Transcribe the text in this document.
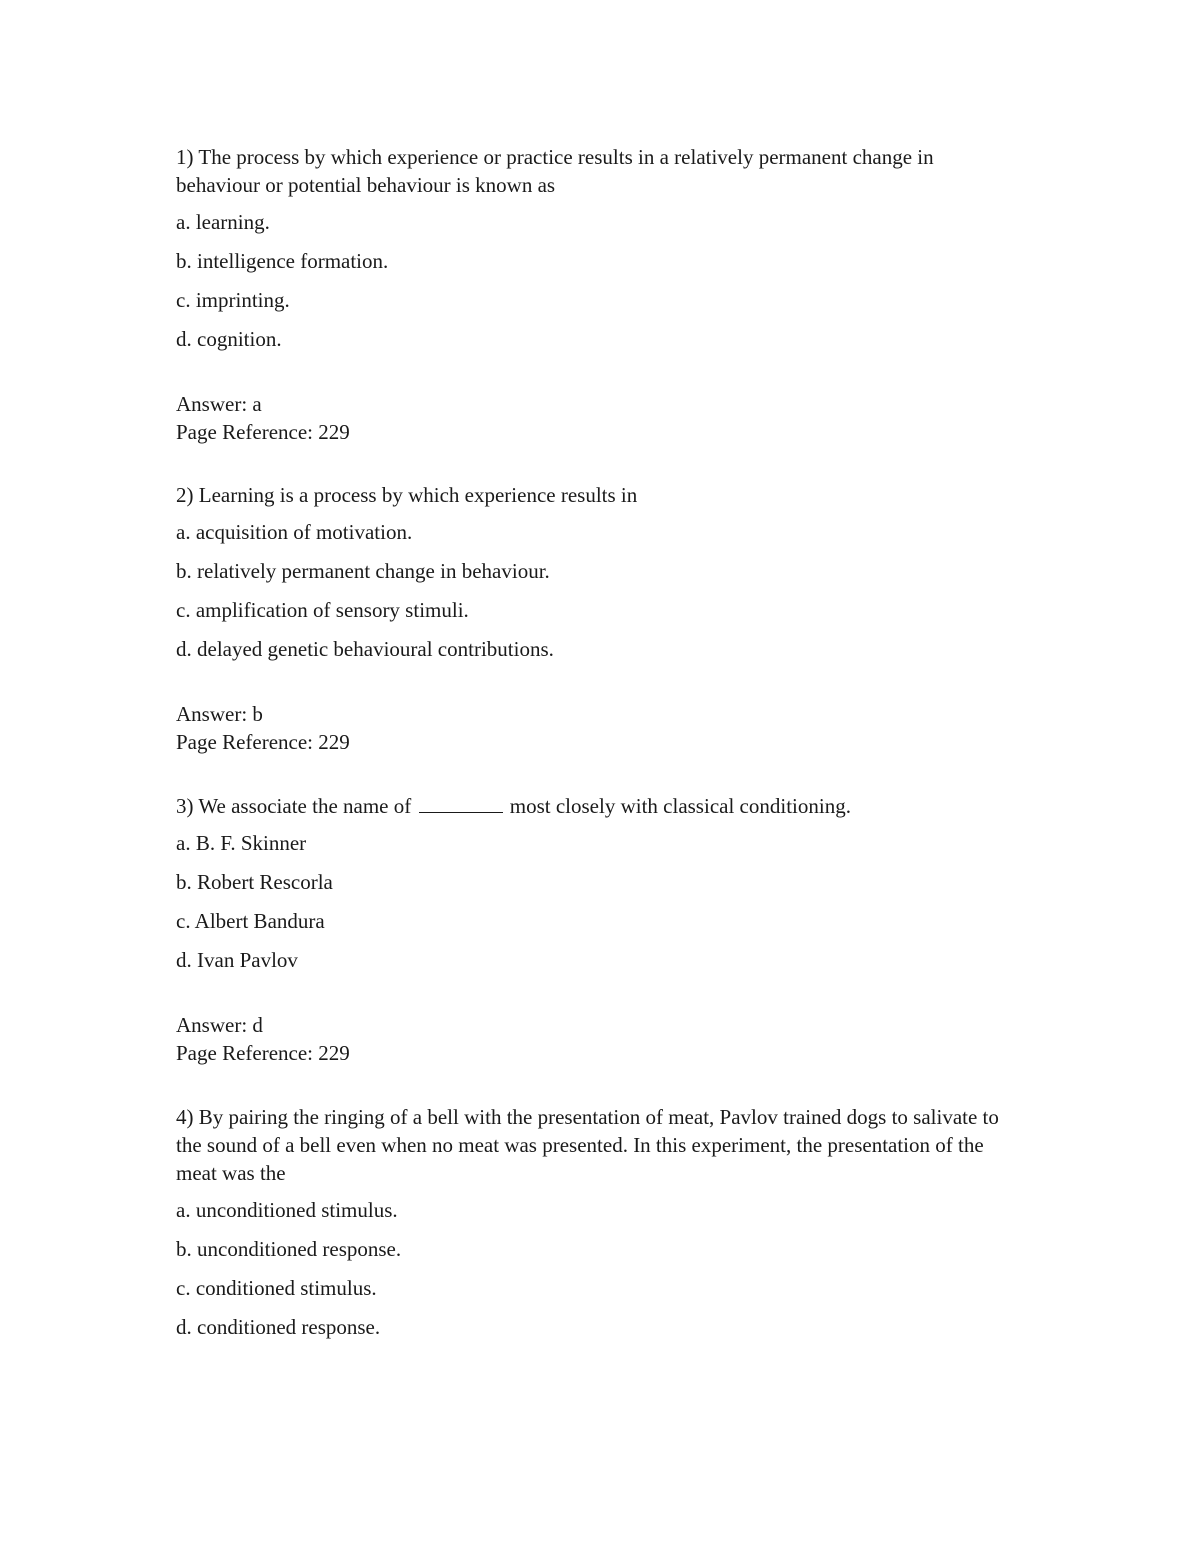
1) The process by which experience or practice results in a relatively permanent change in behaviour or potential behaviour is known as

a. learning.
b. intelligence formation.
c. imprinting.
d. cognition.
Answer: a
Page Reference: 229

2) Learning is a process by which experience results in

a. acquisition of motivation.
b. relatively permanent change in behaviour.
c. amplification of sensory stimuli.
d. delayed genetic behavioural contributions.
Answer: b
Page Reference: 229

3) We associate the name of	most closely with classical conditioning.

a. B. F. Skinner
b. Robert Rescorla
c. Albert Bandura
d. Ivan Pavlov
Answer: d
Page Reference: 229

4) By pairing the ringing of a bell with the presentation of meat, Pavlov trained dogs to salivate to the sound of a bell even when no meat was presented. In this experiment, the presentation of the meat was the

a. unconditioned stimulus.
b. unconditioned response.
c. conditioned stimulus.
d. conditioned response.
